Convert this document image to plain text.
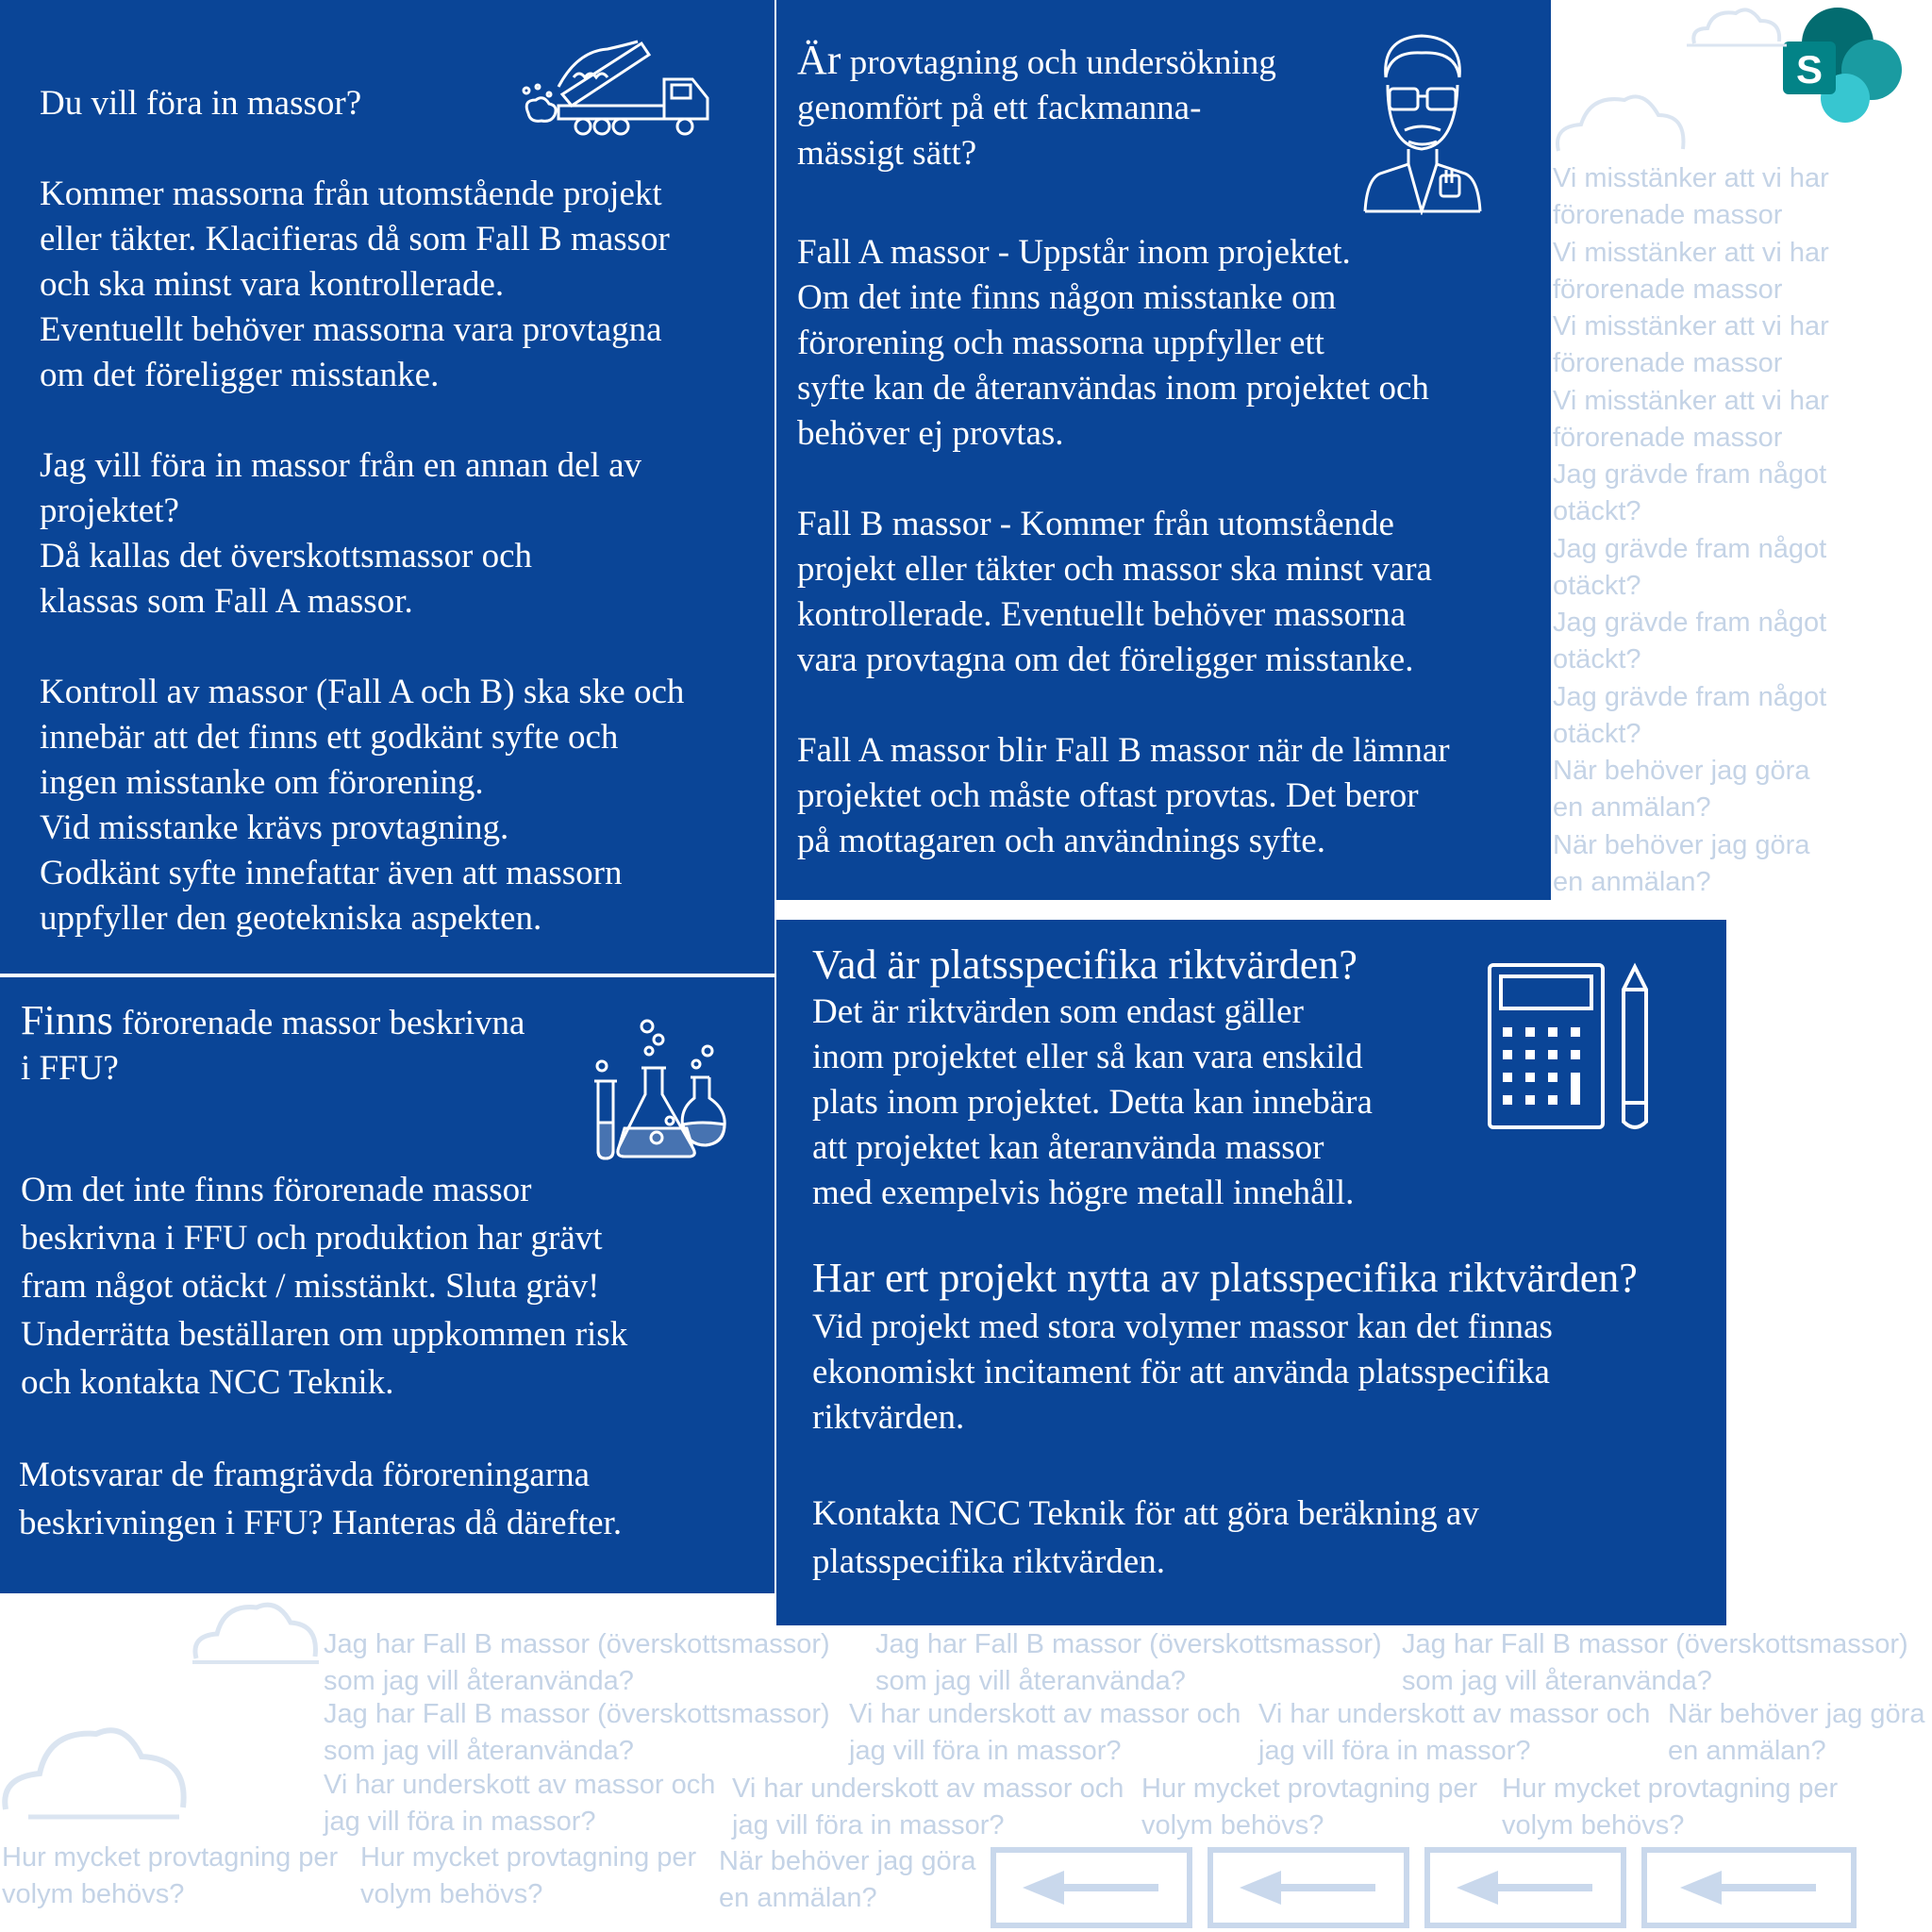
S

Vi misstänker att vi har
förorenade massor

Vi misstänker att vi har
förorenade massor

Vi misstänker att vi har
förorenade massor

Vi misstänker att vi har
förorenade massor

Jag grävde fram något
otäckt?

Jag grävde fram något
otäckt?

Jag grävde fram något
otäckt?

Jag grävde fram något
otäckt?

När behöver jag göra
en anmälan?

När behöver jag göra
en anmälan?

Jag har Fall B massor (överskottsmassor)
som jag vill återanvända?

Jag har Fall B massor (överskottsmassor)
som jag vill återanvända?

Jag har Fall B massor (överskottsmassor)
som jag vill återanvända?

Jag har Fall B massor (överskottsmassor)
som jag vill återanvända?

Vi har underskott av massor och
jag vill föra in massor?

Vi har underskott av massor och
jag vill föra in massor?

När behöver jag göra
en anmälan?

Vi har underskott av massor och
jag vill föra in massor?

Vi har underskott av massor och
jag vill föra in massor?

Hur mycket provtagning per
volym behövs?

Hur mycket provtagning per
volym behövs?

Hur mycket provtagning per
volym behövs?

Hur mycket provtagning per
volym behövs?

När behöver jag göra
en anmälan?

Du vill föra in massor?

Kommer massorna från utomstående projekt
eller täkter. Klacifieras då som Fall B massor
och ska minst vara kontrollerade.
Eventuellt behöver massorna vara provtagna
om det föreligger misstanke.

Jag vill föra in massor från en annan del av
projektet?
Då kallas det överskottsmassor och
klassas som Fall A massor.

Kontroll av massor (Fall A och B) ska ske och
innebär att det finns ett godkänt syfte och
ingen misstanke om förorening.
Vid misstanke krävs provtagning.
Godkänt syfte innefattar även att massorn
uppfyller den geotekniska aspekten.

Är provtagning och undersökning
genomfört på ett fackmanna-
mässigt sätt?

Fall A massor - Uppstår inom projektet.
Om det inte finns någon misstanke om
förorening och massorna uppfyller ett
syfte kan de återanvändas inom projektet och
behöver ej provtas.

Fall B massor - Kommer från utomstående
projekt eller täkter och massor ska minst vara
kontrollerade. Eventuellt behöver massorna
vara provtagna om det föreligger misstanke.

Fall A massor blir Fall B massor när de lämnar
projektet och måste oftast provtas. Det beror
på mottagaren och användnings syfte.

Finns förorenade massor beskrivna
i FFU?

Om det inte finns förorenade massor
beskrivna i FFU och produktion har grävt
fram något otäckt / misstänkt. Sluta gräv!
Underrätta beställaren om uppkommen risk
och kontakta NCC Teknik.

Motsvarar de framgrävda föroreningarna
beskrivningen i FFU? Hanteras då därefter.

Vad är platsspecifika riktvärden?

Det är riktvärden som endast gäller
inom projektet eller så kan vara enskild
plats inom projektet. Detta kan innebära
att projektet kan återanvända massor
med exempelvis högre metall innehåll.

Har ert projekt nytta av platsspecifika riktvärden?

Vid projekt med stora volymer massor kan det finnas
ekonomiskt incitament för att använda platsspecifika
riktvärden.

Kontakta NCC Teknik för att göra beräkning av
platsspecifika riktvärden.
